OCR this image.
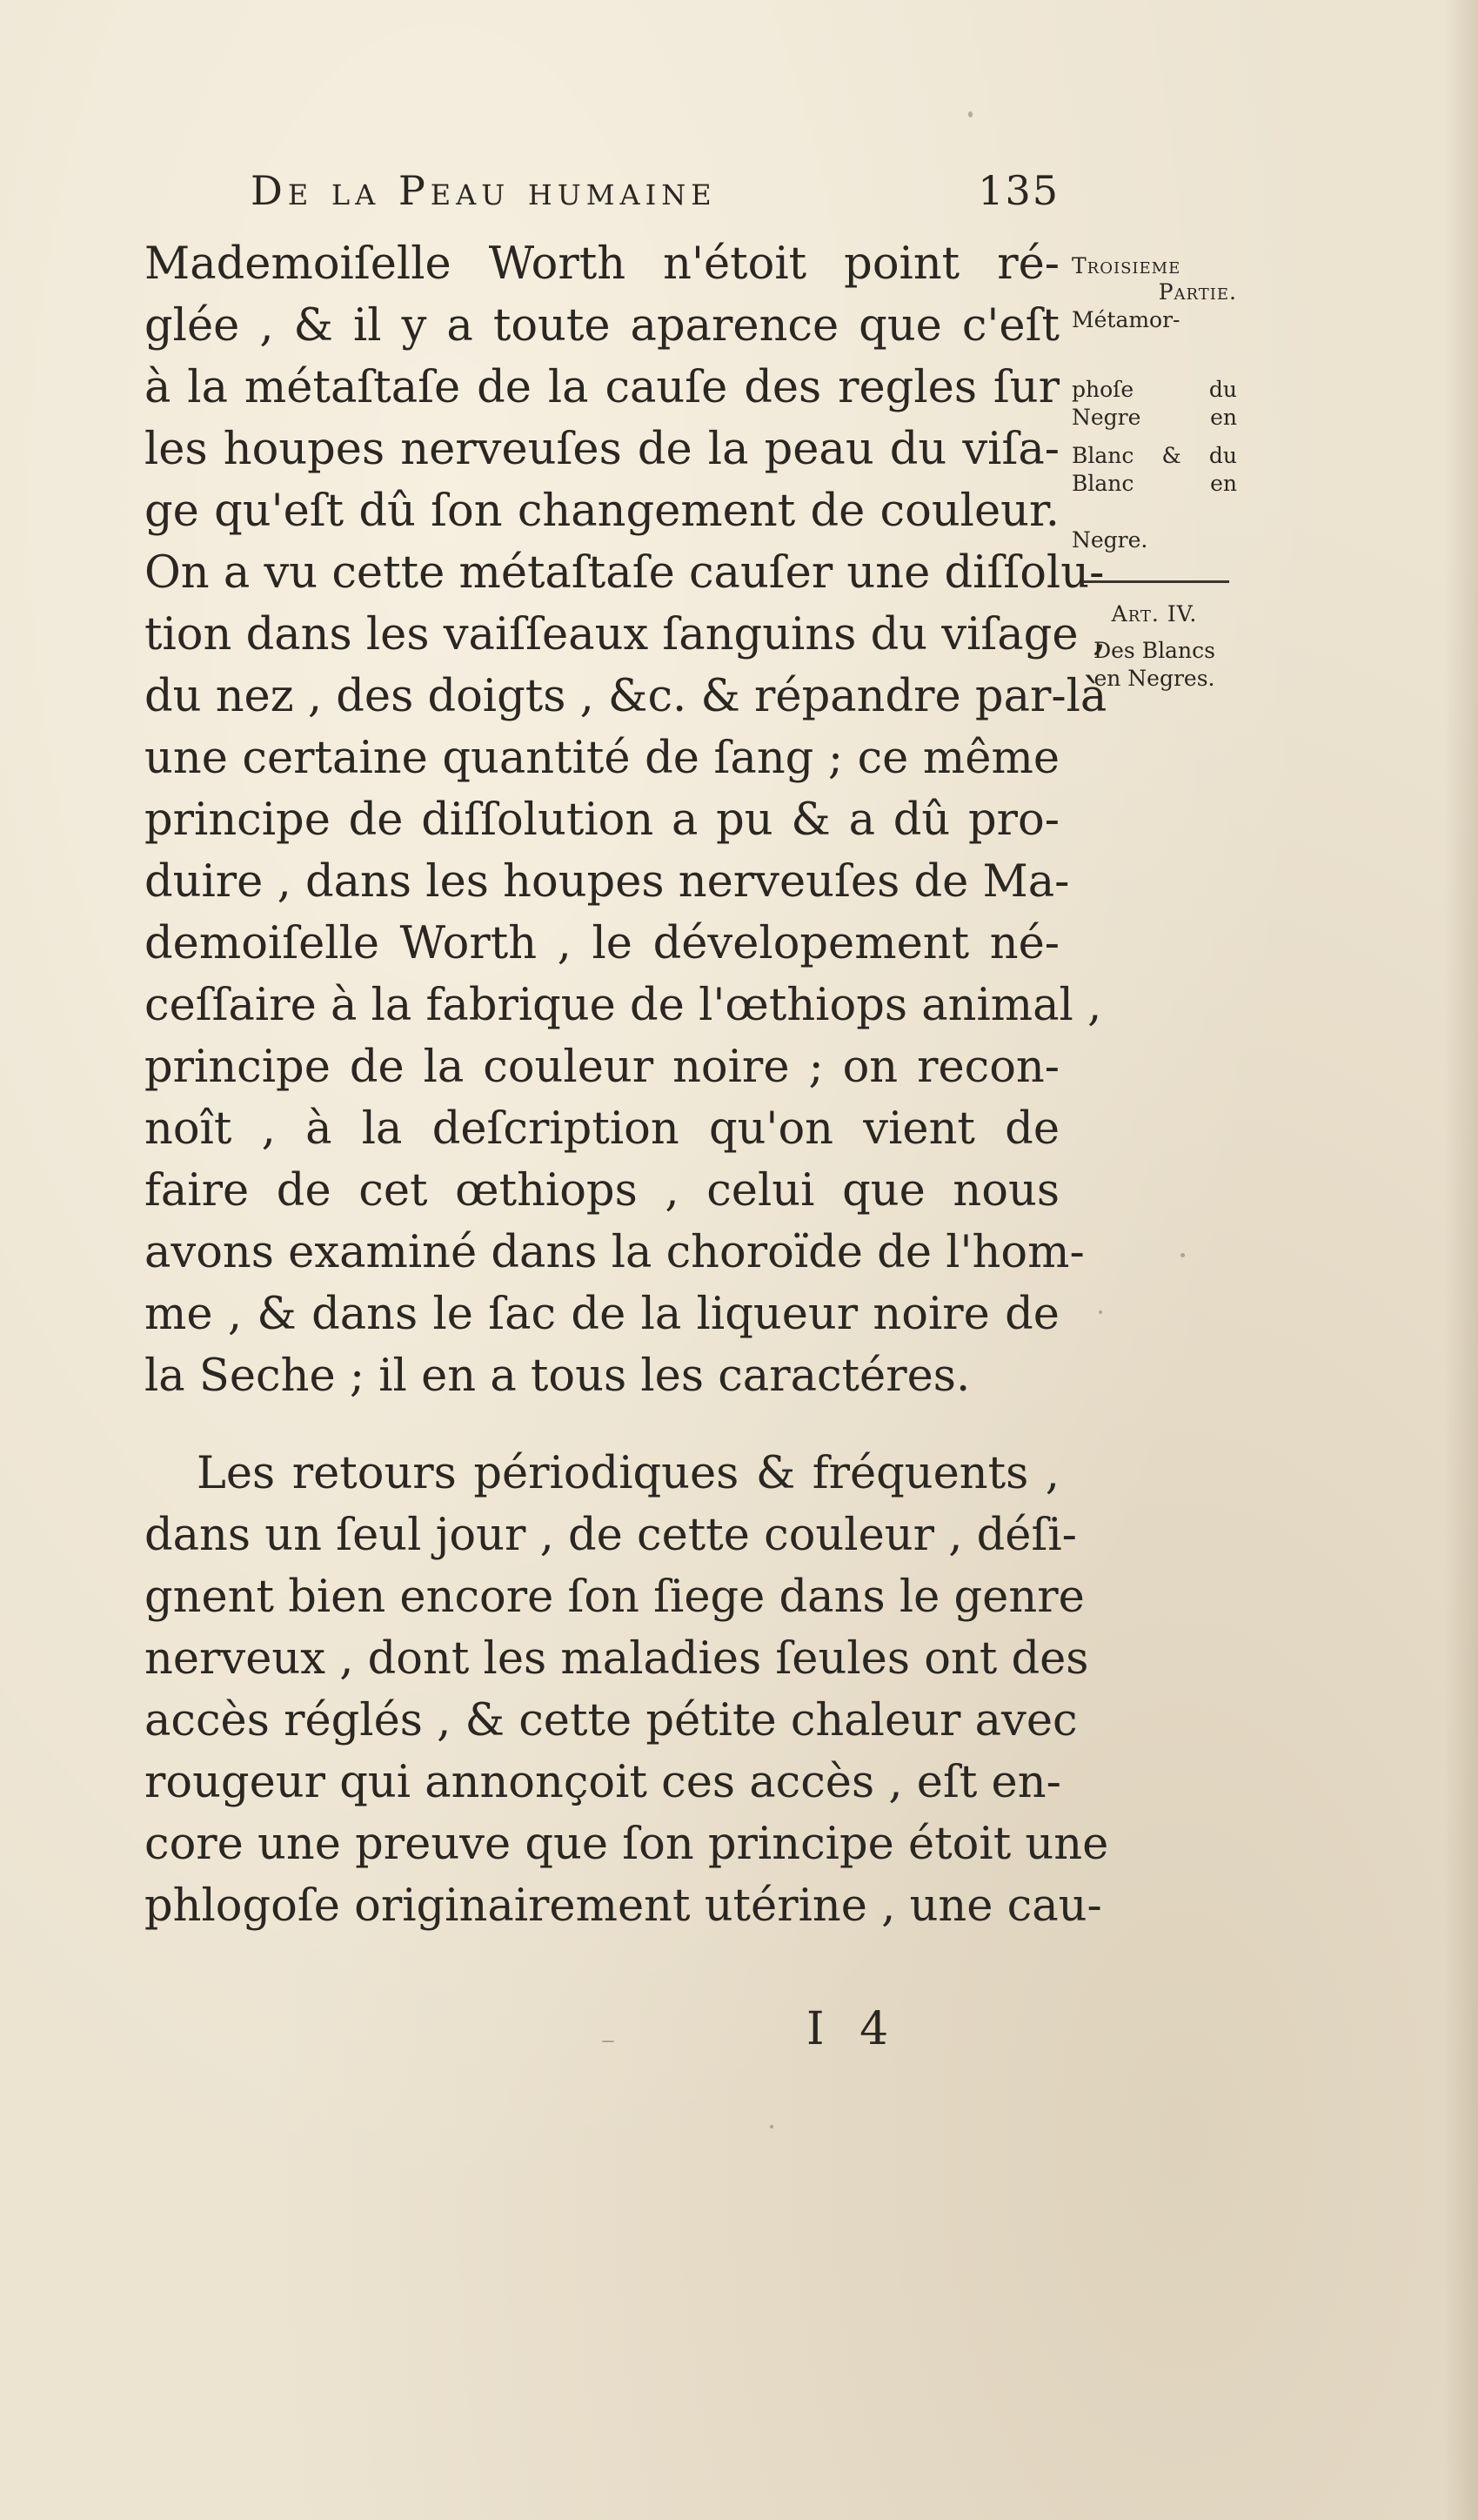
De la Peau humaine	135
Mademoiſelle Worth n'étoit point ré-
glée , & il y a toute aparence que c'eſt
à la métaſtaſe de la cauſe des regles ſur
les houpes nerveuſes de la peau du viſa-
ge qu'eſt dû ſon changement de couleur.
On a vu cette métaſtaſe cauſer une diſſolu-
tion dans les vaiſſeaux ſanguins du viſage ,
du nez , des doigts , &c. & répandre par-là
une certaine quantité de ſang ; ce même
principe de diſſolution a pu & a dû pro-
duire , dans les houpes nerveuſes de Ma-
demoiſelle Worth , le dévelopement né-
ceſſaire à la fabrique de l'œthiops animal ,
principe de la couleur noire ; on recon-
noît , à la deſcription qu'on vient de
faire de cet œthiops , celui que nous
avons examiné dans la choroïde de l'hom-
me , & dans le ſac de la liqueur noire de
la Seche ; il en a tous les caractéres.
Les retours périodiques & fréquents ,
dans un ſeul jour , de cette couleur , déſi-
gnent bien encore ſon ſiege dans le genre
nerveux , dont les maladies ſeules ont des
accès réglés , & cette pétite chaleur avec
rougeur qui annonçoit ces accès , eſt en-
core une preuve que ſon principe étoit une
phlogoſe originairement utérine , une cau-
Troisieme
Partie.
Métamor-
phoſe du
Negre en
Blanc & du
Blanc en
Negre.
Art. IV.
Des Blancs
en Negres.
I 4
